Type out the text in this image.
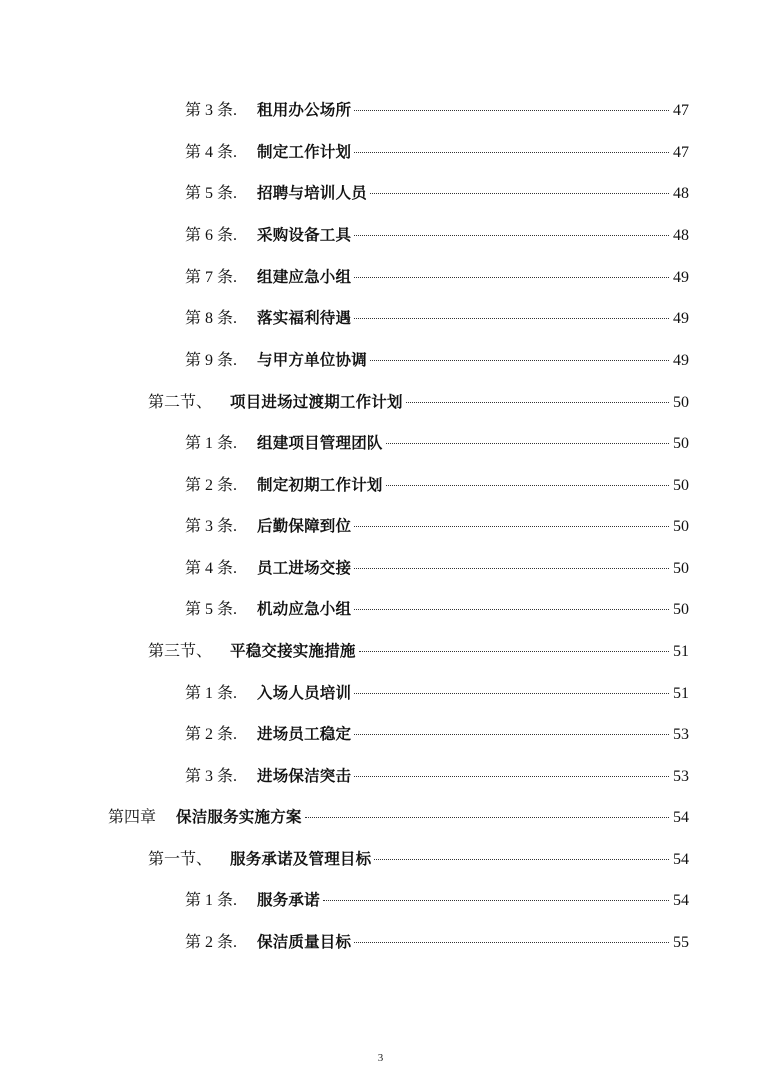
第 3 条.	租用办公场所	47
第 4 条.	制定工作计划	47
第 5 条.	招聘与培训人员	48
第 6 条.	采购设备工具	48
第 7 条.	组建应急小组	49
第 8 条.	落实福利待遇	49
第 9 条.	与甲方单位协调	49
第二节、	项目进场过渡期工作计划	50
第 1 条.	组建项目管理团队	50
第 2 条.	制定初期工作计划	50
第 3 条.	后勤保障到位	50
第 4 条.	员工进场交接	50
第 5 条.	机动应急小组	50
第三节、	平稳交接实施措施	51
第 1 条.	入场人员培训	51
第 2 条.	进场员工稳定	53
第 3 条.	进场保洁突击	53
第四章	保洁服务实施方案	54
第一节、	服务承诺及管理目标	54
第 1 条.	服务承诺	54
第 2 条.	保洁质量目标	55
3
